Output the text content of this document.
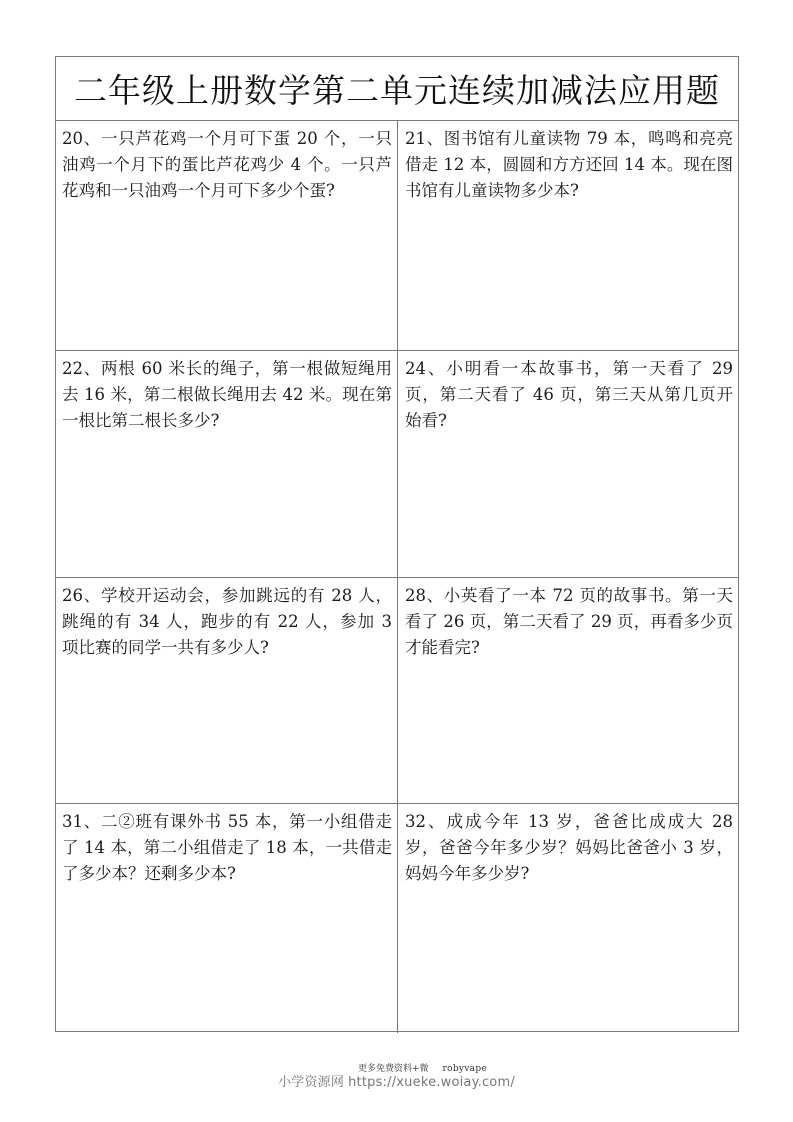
二年级上册数学第二单元连续加减法应用题
20、一只芦花鸡一个月可下蛋 20 个，一只油鸡一个月下的蛋比芦花鸡少 4 个。一只芦花鸡和一只油鸡一个月可下多少个蛋?
21、图书馆有儿童读物 79 本，鸣鸣和亮亮借走 12 本，圆圆和方方还回 14 本。现在图书馆有儿童读物多少本?
22、两根 60 米长的绳子，第一根做短绳用去 16 米，第二根做长绳用去 42 米。现在第一根比第二根长多少?
24、小明看一本故事书，第一天看了 29 页，第二天看了 46 页，第三天从第几页开始看?
26、学校开运动会，参加跳远的有 28 人，跳绳的有 34 人，跑步的有 22 人，参加 3 项比赛的同学一共有多少人?
28、小英看了一本 72 页的故事书。第一天看了 26 页，第二天看了 29 页，再看多少页才能看完?
31、二②班有课外书 55 本，第一小组借走了 14 本，第二小组借走了 18 本，一共借走了多少本？还剩多少本?
32、成成今年 13 岁，爸爸比成成大 28 岁，爸爸今年多少岁？妈妈比爸爸小 3 岁，妈妈今年多少岁?
更多免费资料+微 robyvape
小学资源网 https://xueke.woiay.com/
